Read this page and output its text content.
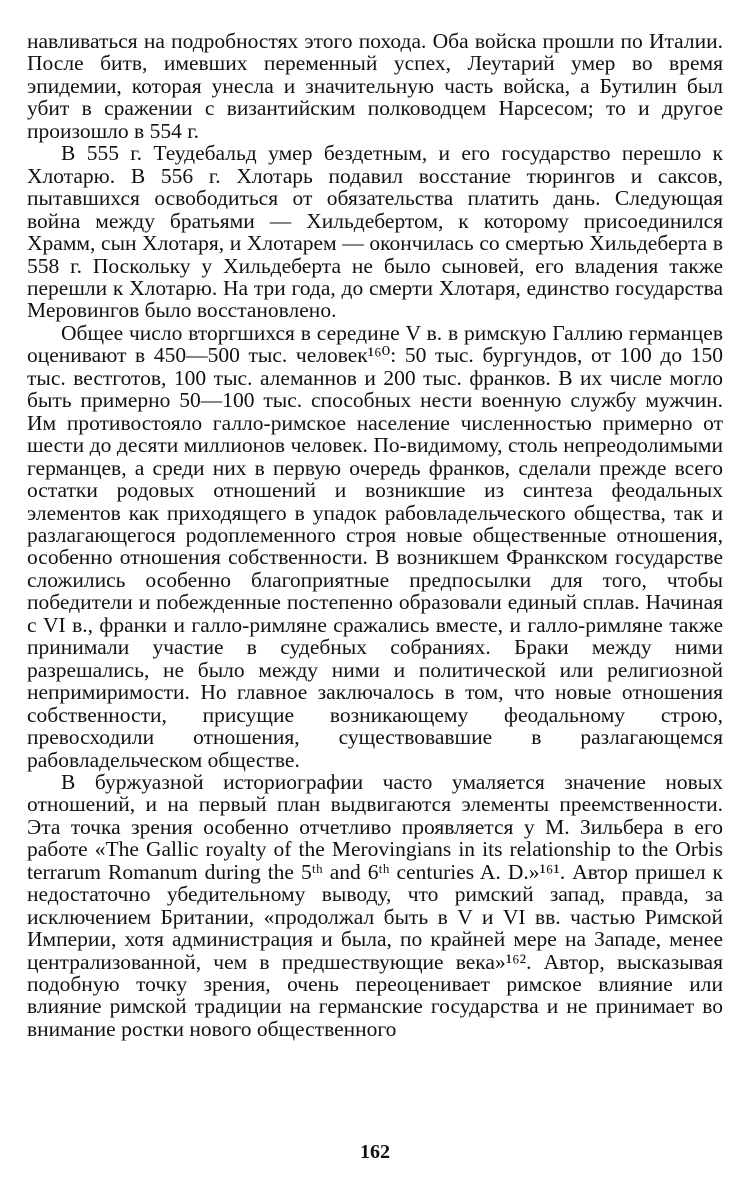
навливаться на подробностях этого похода. Оба войска прошли по Италии. После битв, имевших переменный успех, Леутарий умер во время эпидемии, которая унесла и значительную часть войска, а Бутилин был убит в сражении с византийским полководцем Нарсесом; то и другое произошло в 554 г.

В 555 г. Теудебальд умер бездетным, и его государство перешло к Хлотарю. В 556 г. Хлотарь подавил восстание тюрингов и саксов, пытавшихся освободиться от обязательства платить дань. Следующая война между братьями — Хильдебертом, к которому присоединился Храмм, сын Хлотаря, и Хлотарем — окончилась со смертью Хильдеберта в 558 г. Поскольку у Хильдеберта не было сыновей, его владения также перешли к Хлотарю. На три года, до смерти Хлотаря, единство государства Меровингов было восстановлено.

Общее число вторгшихся в середине V в. в римскую Галлию германцев оценивают в 450—500 тыс. человек¹⁶⁰: 50 тыс. бургундов, от 100 до 150 тыс. вестготов, 100 тыс. алеманнов и 200 тыс. франков. В их числе могло быть примерно 50—100 тыс. способных нести военную службу мужчин. Им противостояло галло-римское население численностью примерно от шести до десяти миллионов человек. По-видимому, столь непреодолимыми германцев, а среди них в первую очередь франков, сделали прежде всего остатки родовых отношений и возникшие из синтеза феодальных элементов как приходящего в упадок рабовладельческого общества, так и разлагающегося родоплеменного строя новые общественные отношения, особенно отношения собственности. В возникшем Франкском государстве сложились особенно благоприятные предпосылки для того, чтобы победители и побежденные постепенно образовали единый сплав. Начиная с VI в., франки и галло-римляне сражались вместе, и галло-римляне также принимали участие в судебных собраниях. Браки между ними разрешались, не было между ними и политической или религиозной непримиримости. Но главное заключалось в том, что новые отношения собственности, присущие возникающему феодальному строю, превосходили отношения, существовавшие в разлагающемся рабовладельческом обществе.

В буржуазной историографии часто умаляется значение новых отношений, и на первый план выдвигаются элементы преемственности. Эта точка зрения особенно отчетливо проявляется у М. Зильбера в его работе «The Gallic royalty of the Merovingians in its relationship to the Orbis terrarum Romanum during the 5ᵗʰ and 6ᵗʰ centuries A. D.»¹⁶¹. Автор пришел к недостаточно убедительному выводу, что римский запад, правда, за исключением Британии, «продолжал быть в V и VI вв. частью Римской Империи, хотя администрация и была, по крайней мере на Западе, менее централизованной, чем в предшествующие века»¹⁶². Автор, высказывая подобную точку зрения, очень переоценивает римское влияние или влияние римской традиции на германские государства и не принимает во внимание ростки нового общественного

162
